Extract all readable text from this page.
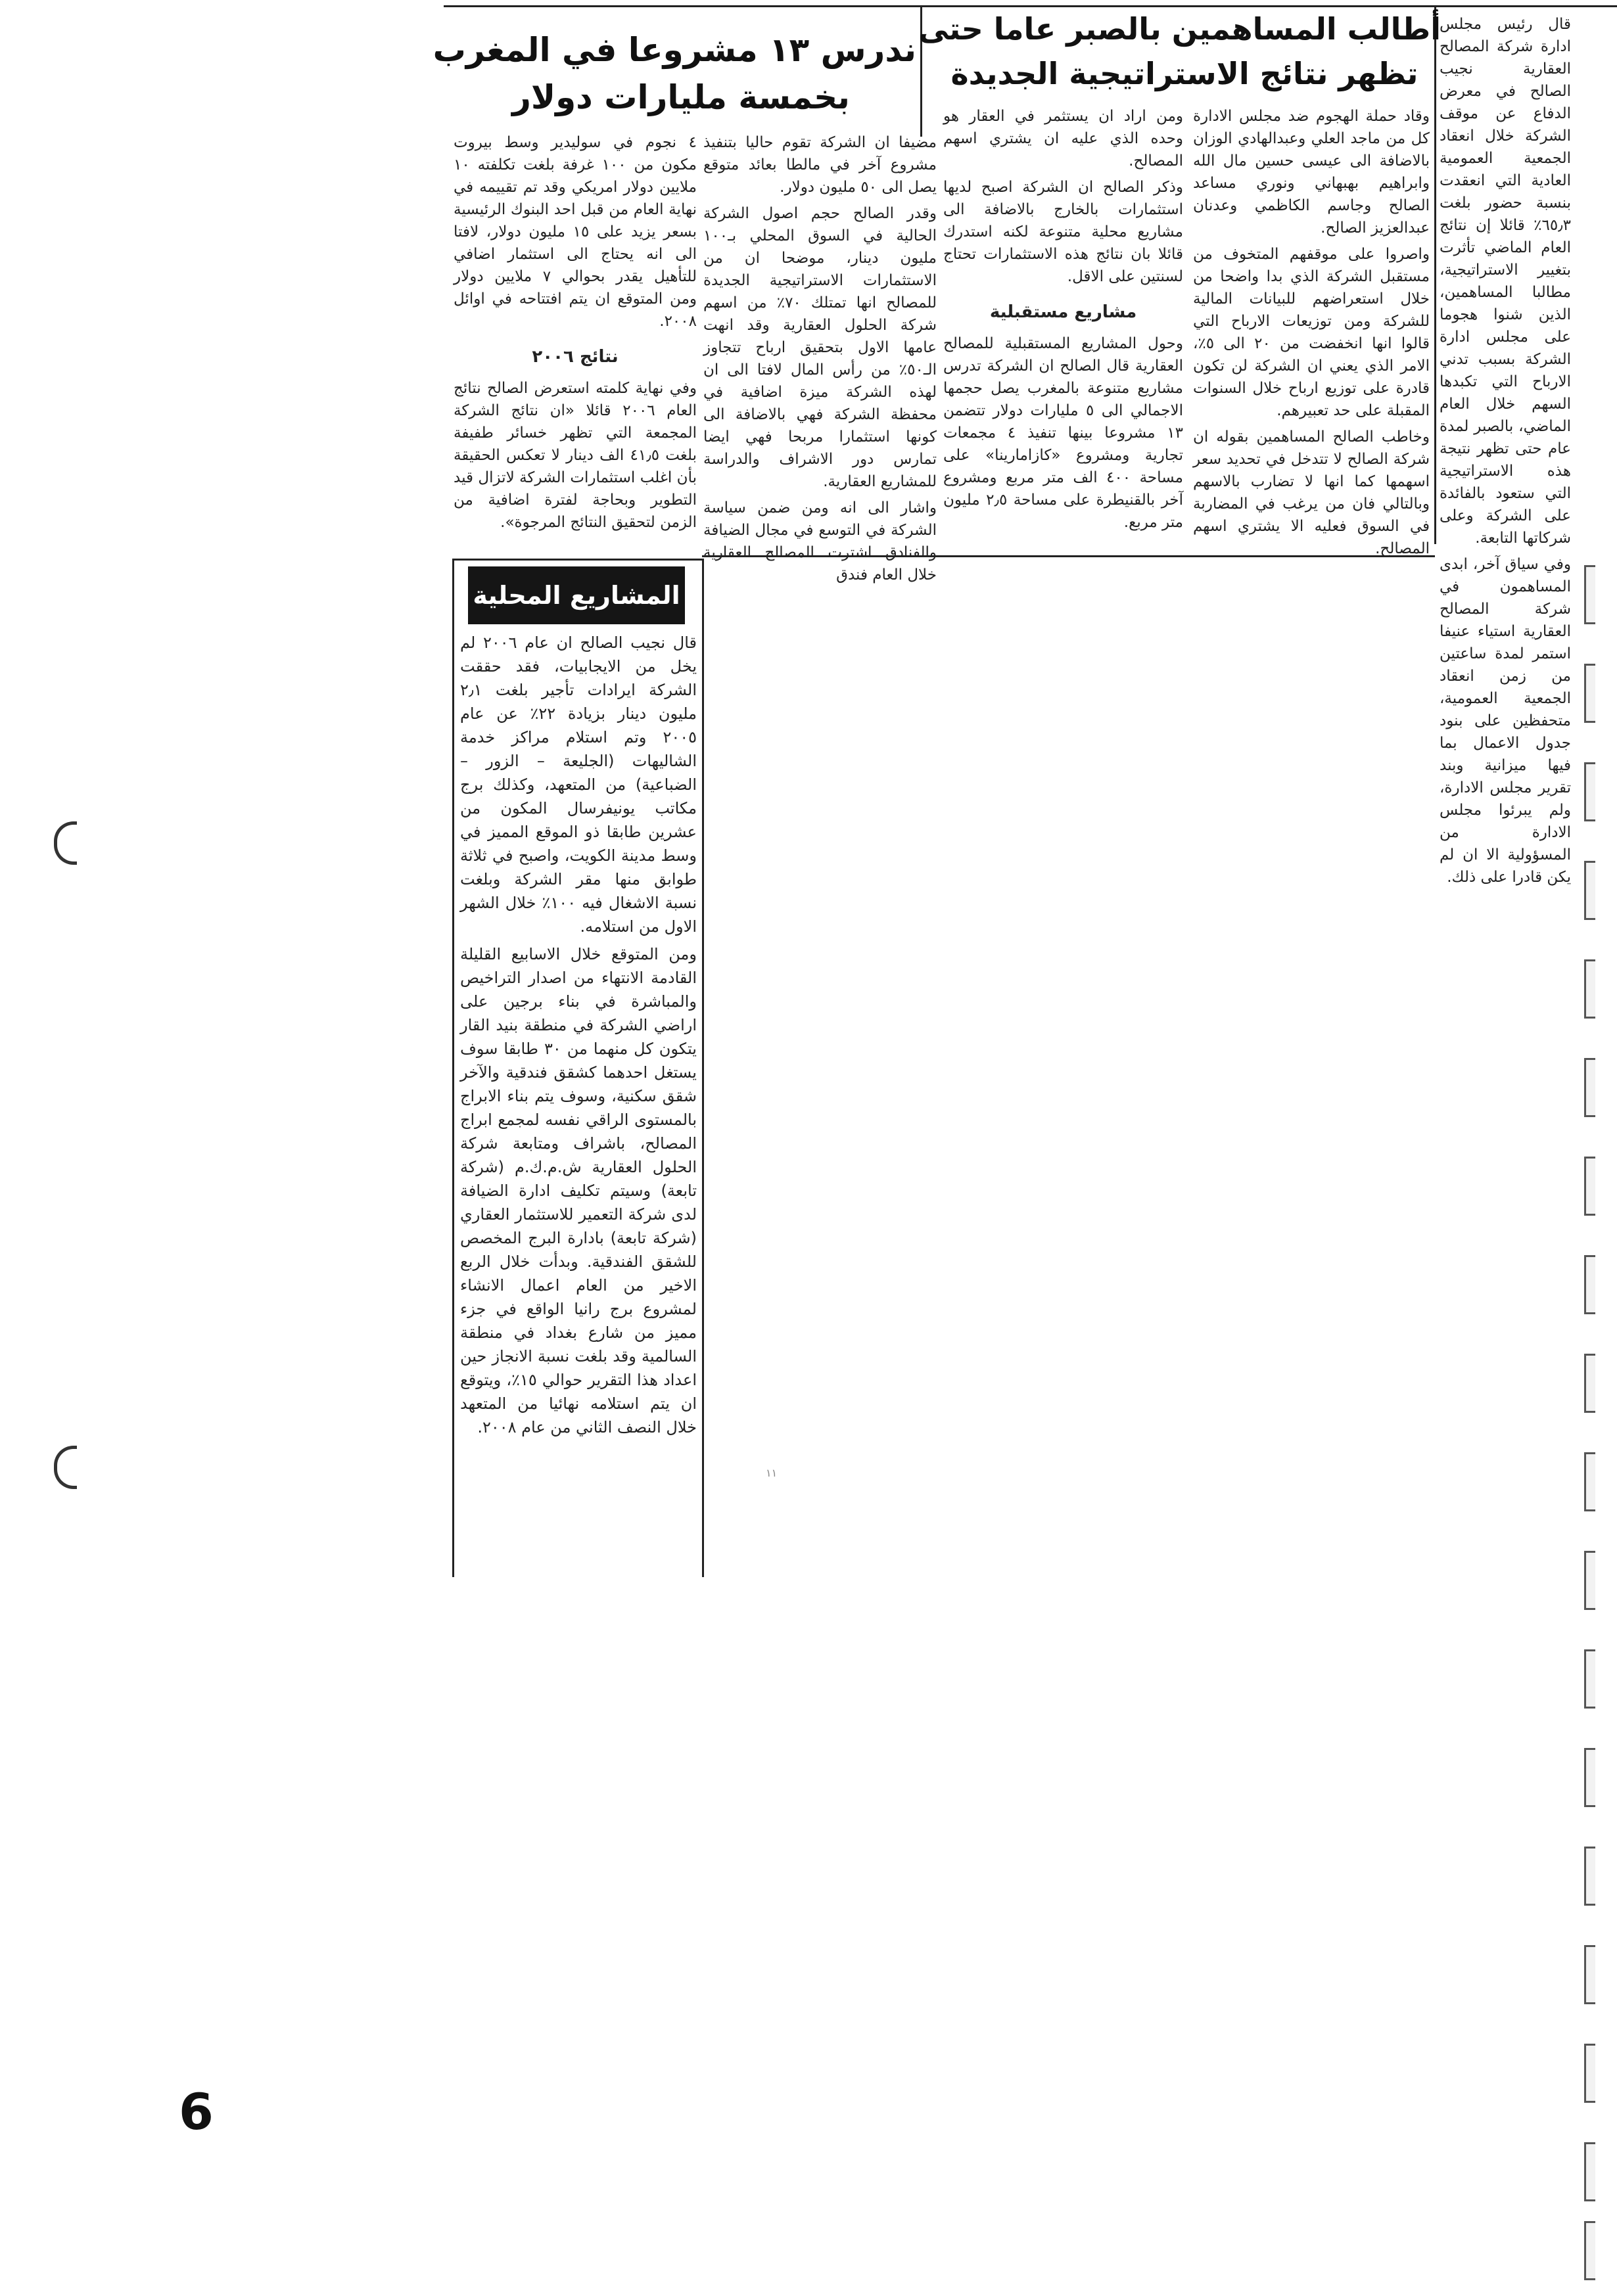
أطالب المساهمين بالصبر عاما حتى
تظهر نتائج الاستراتيجية الجديدة
ندرس ١٣ مشروعا في المغرب
بخمسة مليارات دولار

قال رئيس مجلس ادارة شركة المصالح العقارية نجيب الصالح في معرض الدفاع عن موقف الشركة خلال انعقاد الجمعية العمومية العادية التي انعقدت بنسبة حضور بلغت ٦٥٫٣٪ قائلا إن نتائج العام الماضي تأثرت بتغيير الاستراتيجية، مطالبا المساهمين، الذين شنوا هجوما على مجلس ادارة الشركة بسبب تدني الارباح التي تكبدها السهم خلال العام الماضي، بالصبر لمدة عام حتى تظهر نتيجة هذه الاستراتيجية التي ستعود بالفائدة على الشركة وعلى شركاتها التابعة.

وفي سياق آخر، ابدى المساهمون في شركة المصالح العقارية استياء عنيفا استمر لمدة ساعتين من زمن انعقاد الجمعية العمومية، متحفظين على بنود جدول الاعمال بما فيها ميزانية وبند تقرير مجلس الادارة، ولم يبرئوا مجلس الادارة من المسؤولية الا ان لم يكن قادرا على ذلك.

وقاد حملة الهجوم ضد مجلس الادارة كل من ماجد العلي وعبدالهادي الوزان بالاضافة الى عيسى حسين مال الله وابراهيم بهبهاني ونوري مساعد الصالح وجاسم الكاظمي وعدنان عبدالعزيز الصالح.

واصروا على موقفهم المتخوف من مستقبل الشركة الذي بدا واضحا من خلال استعراضهم للبيانات المالية للشركة ومن توزيعات الارباح التي قالوا انها انخفضت من ٢٠ الى ٥٪، الامر الذي يعني ان الشركة لن تكون قادرة على توزيع ارباح خلال السنوات المقبلة على حد تعبيرهم.

وخاطب الصالح المساهمين بقوله ان شركة الصالح لا تتدخل في تحديد سعر اسهمها كما انها لا تضارب بالاسهم وبالتالي فان من يرغب في المضاربة في السوق فعليه الا يشتري اسهم المصالح.

ومن اراد ان يستثمر في العقار هو وحده الذي عليه ان يشتري اسهم المصالح.

وذكر الصالح ان الشركة اصبح لديها استثمارات بالخارج بالاضافة الى مشاريع محلية متنوعة لكنه استدرك قائلا بان نتائج هذه الاستثمارات تحتاج لسنتين على الاقل.

مشاريع مستقبلية

وحول المشاريع المستقبلية للمصالح العقارية قال الصالح ان الشركة تدرس مشاريع متنوعة بالمغرب يصل حجمها الاجمالي الى ٥ مليارات دولار تتضمن ١٣ مشروعا بينها تنفيذ ٤ مجمعات تجارية ومشروع «كازامارينا» على مساحة ٤٠٠ الف متر مربع ومشروع آخر بالقنيطرة على مساحة ٢٫٥ مليون متر مربع.

مضيفا ان الشركة تقوم حاليا بتنفيذ مشروع آخر في مالطا بعائد متوقع يصل الى ٥٠ مليون دولار.

وقدر الصالح حجم اصول الشركة الحالية في السوق المحلي بـ١٠٠ مليون دينار، موضحا ان من الاستثمارات الاستراتيجية الجديدة للمصالح انها تمتلك ٧٠٪ من اسهم شركة الحلول العقارية وقد انهت عامها الاول بتحقيق ارباح تتجاوز الـ٥٠٪ من رأس المال لافتا الى ان لهذه الشركة ميزة اضافية في محفظة الشركة فهي بالاضافة الى كونها استثمارا مربحا فهي ايضا تمارس دور الاشراف والدراسة للمشاريع العقارية.

واشار الى انه ومن ضمن سياسة الشركة في التوسع في مجال الضيافة والفنادق اشترت المصالح العقارية خلال العام فندق

٤ نجوم في سوليدير وسط بيروت مكون من ١٠٠ غرفة بلغت تكلفته ١٠ ملايين دولار امريكي وقد تم تقييمه في نهاية العام من قبل احد البنوك الرئيسية بسعر يزيد على ١٥ مليون دولار، لافتا الى انه يحتاج الى استثمار اضافي للتأهيل يقدر بحوالي ٧ ملايين دولار ومن المتوقع ان يتم افتتاحه في اوائل ٢٠٠٨.

نتائج ٢٠٠٦

وفي نهاية كلمته استعرض الصالح نتائج العام ٢٠٠٦ قائلا «ان نتائج الشركة المجمعة التي تظهر خسائر طفيفة بلغت ٤١٫٥ الف دينار لا تعكس الحقيقة بأن اغلب استثمارات الشركة لاتزال قيد التطوير وبحاجة لفترة اضافية من الزمن لتحقيق النتائج المرجوة».

المشاريع المحلية

قال نجيب الصالح ان عام ٢٠٠٦ لم يخل من الايجابيات، فقد حققت الشركة ايرادات تأجير بلغت ٢٫١ مليون دينار بزيادة ٢٢٪ عن عام ٢٠٠٥ وتم استلام مراكز خدمة الشاليهات (الجليعة – الزور – الضباعية) من المتعهد، وكذلك برج مكاتب يونيفرسال المكون من عشرين طابقا ذو الموقع المميز في وسط مدينة الكويت، واصبح في ثلاثة طوابق منها مقر الشركة وبلغت نسبة الاشغال فيه ١٠٠٪ خلال الشهر الاول من استلامه.

ومن المتوقع خلال الاسابيع القليلة القادمة الانتهاء من اصدار التراخيص والمباشرة في بناء برجين على اراضي الشركة في منطقة بنيد القار يتكون كل منهما من ٣٠ طابقا سوف يستغل احدهما كشقق فندقية والآخر شقق سكنية، وسوف يتم بناء الابراج بالمستوى الراقي نفسه لمجمع ابراج المصالح، باشراف ومتابعة شركة الحلول العقارية ش.م.ك.م (شركة تابعة) وسيتم تكليف ادارة الضيافة لدى شركة التعمير للاستثمار العقاري (شركة تابعة) بادارة البرج المخصص للشقق الفندقية. وبدأت خلال الربع الاخير من العام اعمال الانشاء لمشروع برج رانيا الواقع في جزء مميز من شارع بغداد في منطقة السالمية وقد بلغت نسبة الانجاز حين اعداد هذا التقرير حوالي ١٥٪، ويتوقع ان يتم استلامه نهائيا من المتعهد خلال النصف الثاني من عام ٢٠٠٨.

6
١١
